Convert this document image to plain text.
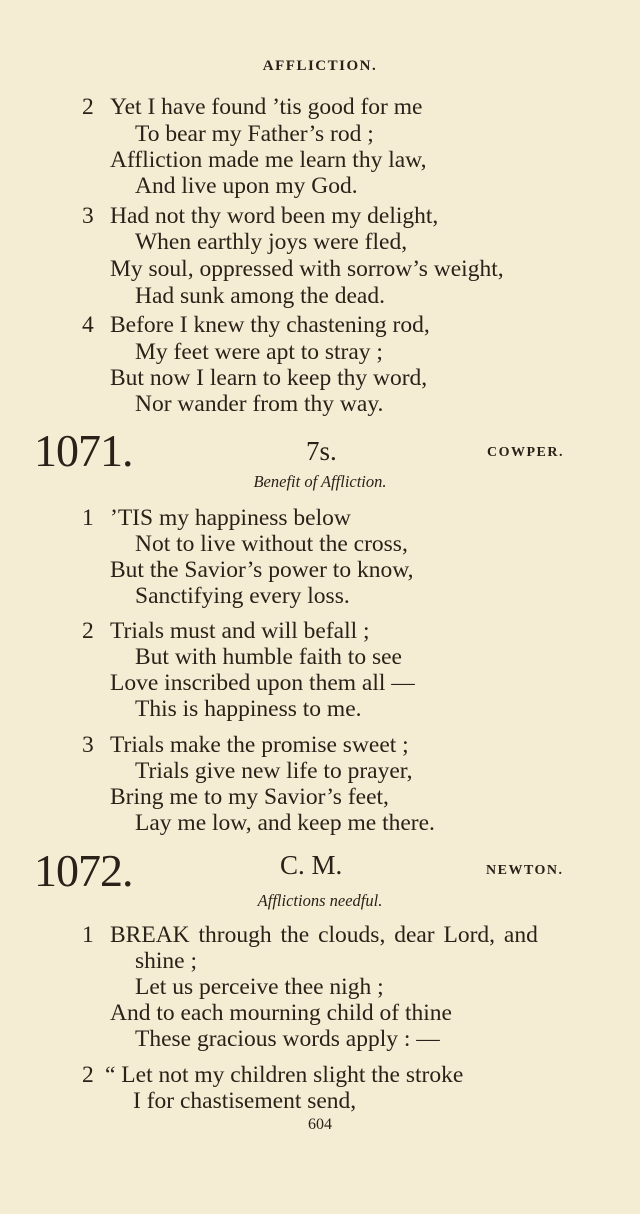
AFFLICTION.
2 Yet I have found ’tis good for me
To bear my Father’s rod ;
Affliction made me learn thy law,
And live upon my God.
3 Had not thy word been my delight,
When earthly joys were fled,
My soul, oppressed with sorrow’s weight,
Had sunk among the dead.
4 Before I knew thy chastening rod,
My feet were apt to stray ;
But now I learn to keep thy word,
Nor wander from thy way.
1071.	7s.	COWPER.
Benefit of Affliction.
1 ’TIS my happiness below
Not to live without the cross,
But the Savior’s power to know,
Sanctifying every loss.
2 Trials must and will befall ;
But with humble faith to see
Love inscribed upon them all —
This is happiness to me.
3 Trials make the promise sweet ;
Trials give new life to prayer,
Bring me to my Savior’s feet,
Lay me low, and keep me there.
1072.	C. M.	NEWTON.
Afflictions needful.
1 BREAK through the clouds, dear Lord, and
shine ;
Let us perceive thee nigh ;
And to each mourning child of thine
These gracious words apply : —
2 “ Let not my children slight the stroke
I for chastisement send,
604
